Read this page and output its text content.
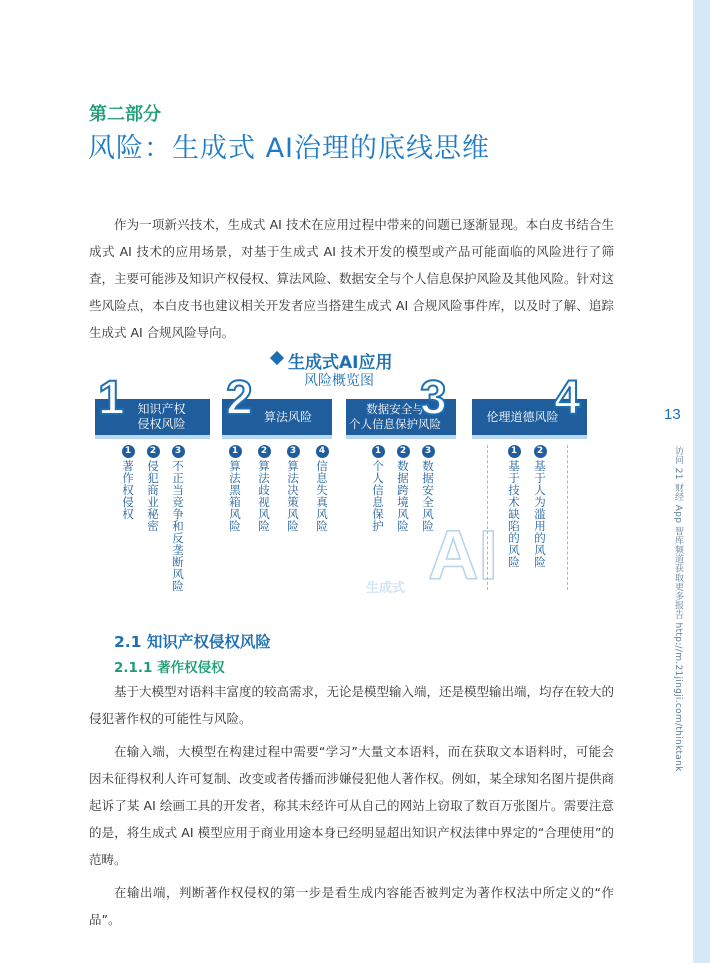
13
访问 21 财经 App 智库频道获取更多报告 http://m.21jingji.com/thinktank
第二部分
风险：生成式 AI治理的底线思维

作为一项新兴技术，生成式 AI 技术在应用过程中带来的问题已逐渐显现。本白皮书结合生成式 AI 技术的应用场景，对基于生成式 AI 技术开发的模型或产品可能面临的风险进行了筛查，主要可能涉及知识产权侵权、算法风险、数据安全与个人信息保护风险及其他风险。针对这些风险点，本白皮书也建议相关开发者应当搭建生成式 AI 合规风险事件库，以及时了解、追踪生成式 AI 合规风险导向。

生成式AI应用
风险概览图
AI
生成式
知识产权
侵权风险
1
1
著作权侵权
2
侵犯商业秘密
3
不正当竞争和反垄断风险
算法风险
2
1
算法黑箱风险
2
算法歧视风险
3
算法决策风险
4
信息失真风险
数据安全与
个人信息保护风险
3
1
个人信息保护
2
数据跨境风险
3
数据安全风险
伦理道德风险
4
1
基于技术缺陷的风险
2
基于人为滥用的风险
2.1 知识产权侵权风险
2.1.1 著作权侵权

基于大模型对语料丰富度的较高需求，无论是模型输入端，还是模型输出端，均存在较大的侵犯著作权的可能性与风险。

在输入端，大模型在构建过程中需要“学习”大量文本语料，而在获取文本语料时，可能会因未征得权利人许可复制、改变或者传播而涉嫌侵犯他人著作权。例如，某全球知名图片提供商起诉了某 AI 绘画工具的开发者，称其未经许可从自己的网站上窃取了数百万张图片。需要注意的是，将生成式 AI 模型应用于商业用途本身已经明显超出知识产权法律中界定的“合理使用”的范畴。

在输出端，判断著作权侵权的第一步是看生成内容能否被判定为著作权法中所定义的“作品”。
